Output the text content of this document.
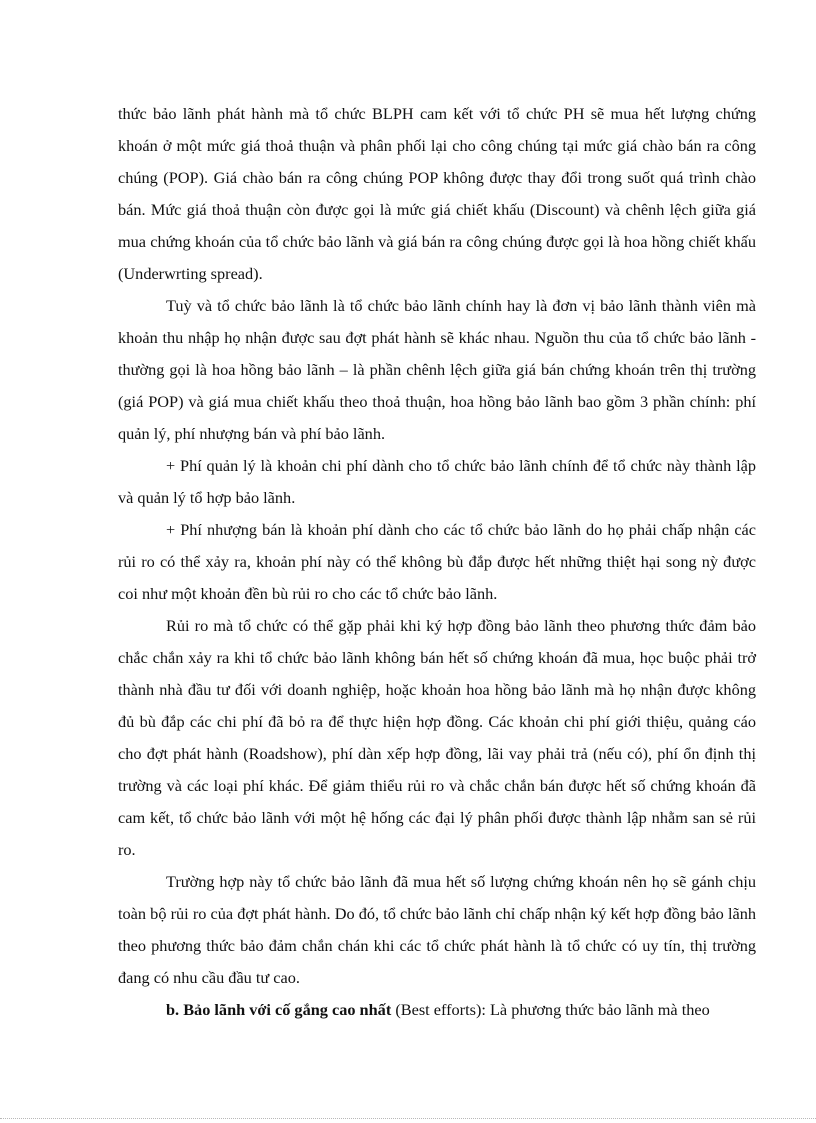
thức bảo lãnh phát hành mà tổ chức BLPH cam kết với tổ chức PH sẽ mua hết lượng chứng khoán ở một mức giá thoả thuận và phân phối lại cho công chúng tại mức giá chào bán ra công chúng (POP). Giá chào bán ra công chúng POP không được thay đổi trong suốt quá trình chào bán. Mức giá thoả thuận còn được gọi là mức giá chiết khấu (Discount) và chênh lệch giữa giá mua chứng khoán của tổ chức bảo lãnh và giá bán ra công chúng được gọi là hoa hồng chiết khấu (Underwrting spread).

Tuỳ và tổ chức bảo lãnh là tổ chức bảo lãnh chính hay là đơn vị bảo lãnh thành viên mà khoản thu nhập họ nhận được sau đợt phát hành sẽ khác nhau. Nguồn thu của tổ chức bảo lãnh - thường gọi là hoa hồng bảo lãnh – là phần chênh lệch giữa giá bán chứng khoán trên thị trường (giá POP) và giá mua chiết khấu theo thoả thuận, hoa hồng bảo lãnh bao gồm 3 phần chính: phí quản lý, phí nhượng bán và phí bảo lãnh.

+ Phí quản lý là khoản chi phí dành cho tổ chức bảo lãnh chính để tổ chức này thành lập và quản lý tổ hợp bảo lãnh.

+ Phí nhượng bán là khoản phí dành cho các tổ chức bảo lãnh do họ phải chấp nhận các rủi ro có thể xảy ra, khoản phí này có thể không bù đắp được hết những thiệt hại song nỳ được coi như một khoản đền bù rủi ro cho các tổ chức bảo lãnh.

Rủi ro mà tổ chức có thể gặp phải khi ký hợp đồng bảo lãnh theo phương thức đảm bảo chắc chắn xảy ra khi tổ chức bảo lãnh không bán hết số chứng khoán đã mua, học buộc phải trở thành nhà đầu tư đối với doanh nghiệp, hoặc khoản hoa hồng bảo lãnh mà họ nhận được không đủ bù đắp các chi phí đã bỏ ra để thực hiện hợp đồng. Các khoản chi phí giới thiệu, quảng cáo cho đợt phát hành (Roadshow), phí dàn xếp hợp đồng, lãi vay phải trả (nếu có), phí ổn định thị trường và các loại phí khác. Để giảm thiểu rủi ro và chắc chắn bán được hết số chứng khoán đã cam kết, tổ chức bảo lãnh với một hệ hống các đại lý phân phối được thành lập nhằm san sẻ rủi ro.

Trường hợp này tổ chức bảo lãnh đã mua hết số lượng chứng khoán nên họ sẽ gánh chịu toàn bộ rủi ro của đợt phát hành. Do đó, tổ chức bảo lãnh chỉ chấp nhận ký kết hợp đồng bảo lãnh theo phương thức bảo đảm chắn chán khi các tổ chức phát hành là tổ chức có uy tín, thị trường đang có nhu cầu đầu tư cao.

b. Bảo lãnh với cố gắng cao nhất (Best efforts): Là phương thức bảo lãnh mà theo
